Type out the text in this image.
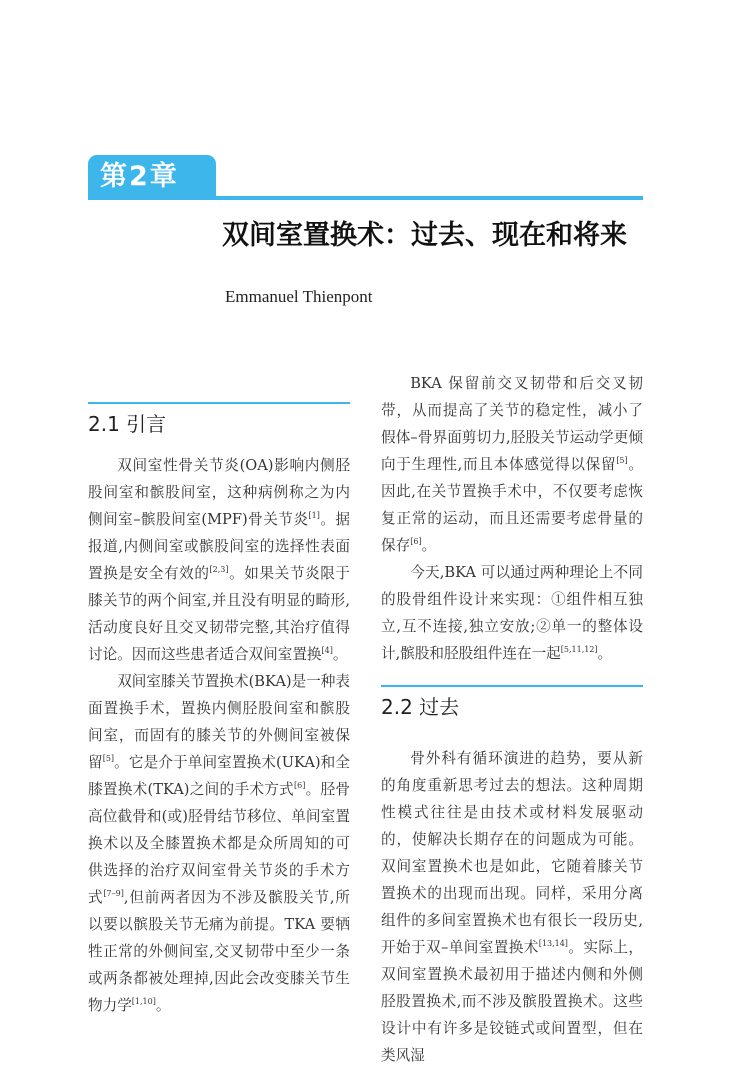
第2章
双间室置换术：过去、现在和将来
Emmanuel Thienpont
2.1 引言

双间室性骨关节炎(OA)影响内侧胫股间室和髌股间室，这种病例称之为内侧间室–髌股间室(MPF)骨关节炎[1]。据报道,内侧间室或髌股间室的选择性表面置换是安全有效的[2,3]。如果关节炎限于膝关节的两个间室,并且没有明显的畸形,活动度良好且交叉韧带完整,其治疗值得讨论。因而这些患者适合双间室置换[4]。

双间室膝关节置换术(BKA)是一种表面置换手术，置换内侧胫股间室和髌股间室，而固有的膝关节的外侧间室被保留[5]。它是介于单间室置换术(UKA)和全膝置换术(TKA)之间的手术方式[6]。胫骨高位截骨和(或)胫骨结节移位、单间室置换术以及全膝置换术都是众所周知的可供选择的治疗双间室骨关节炎的手术方式[7–9],但前两者因为不涉及髌股关节,所以要以髌股关节无痛为前提。TKA 要牺牲正常的外侧间室,交叉韧带中至少一条或两条都被处理掉,因此会改变膝关节生物力学[1,10]。

BKA 保留前交叉韧带和后交叉韧带，从而提高了关节的稳定性，减小了假体–骨界面剪切力,胫股关节运动学更倾向于生理性,而且本体感觉得以保留[5]。因此,在关节置换手术中，不仅要考虑恢复正常的运动，而且还需要考虑骨量的保存[6]。

今天,BKA 可以通过两种理论上不同的股骨组件设计来实现：①组件相互独立,互不连接,独立安放;②单一的整体设计,髌股和胫股组件连在一起[5,11,12]。

2.2 过去

骨外科有循环演进的趋势，要从新的角度重新思考过去的想法。这种周期性模式往往是由技术或材料发展驱动的，使解决长期存在的问题成为可能。双间室置换术也是如此，它随着膝关节置换术的出现而出现。同样，采用分离组件的多间室置换术也有很长一段历史,开始于双–单间室置换术[13,14]。实际上，双间室置换术最初用于描述内侧和外侧胫股置换术,而不涉及髌股置换术。这些设计中有许多是铰链式或间置型，但在类风湿
